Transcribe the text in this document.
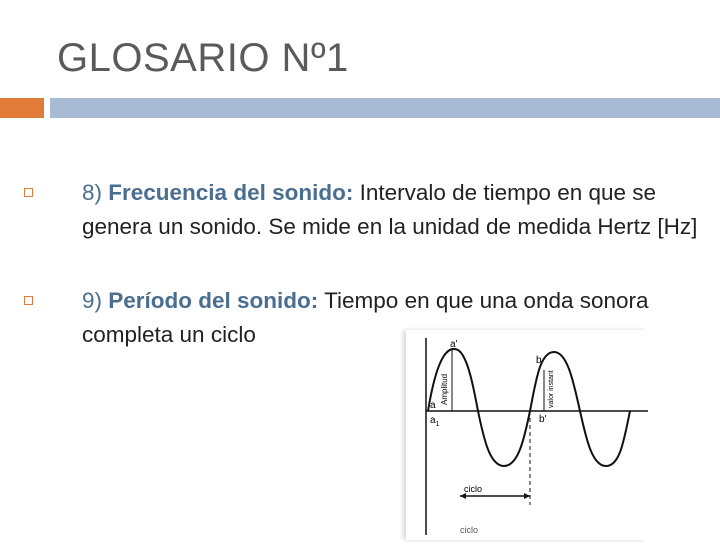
GLOSARIO Nº1
8) Frecuencia del sonido: Intervalo de tiempo en que se genera un sonido. Se mide en la unidad de medida Hertz [Hz]
9) Período del sonido: Tiempo en que una onda sonora completa un ciclo	a'
a
$a_1$
b
b'
Amplitud	valor instant
ciclo
ciclo
